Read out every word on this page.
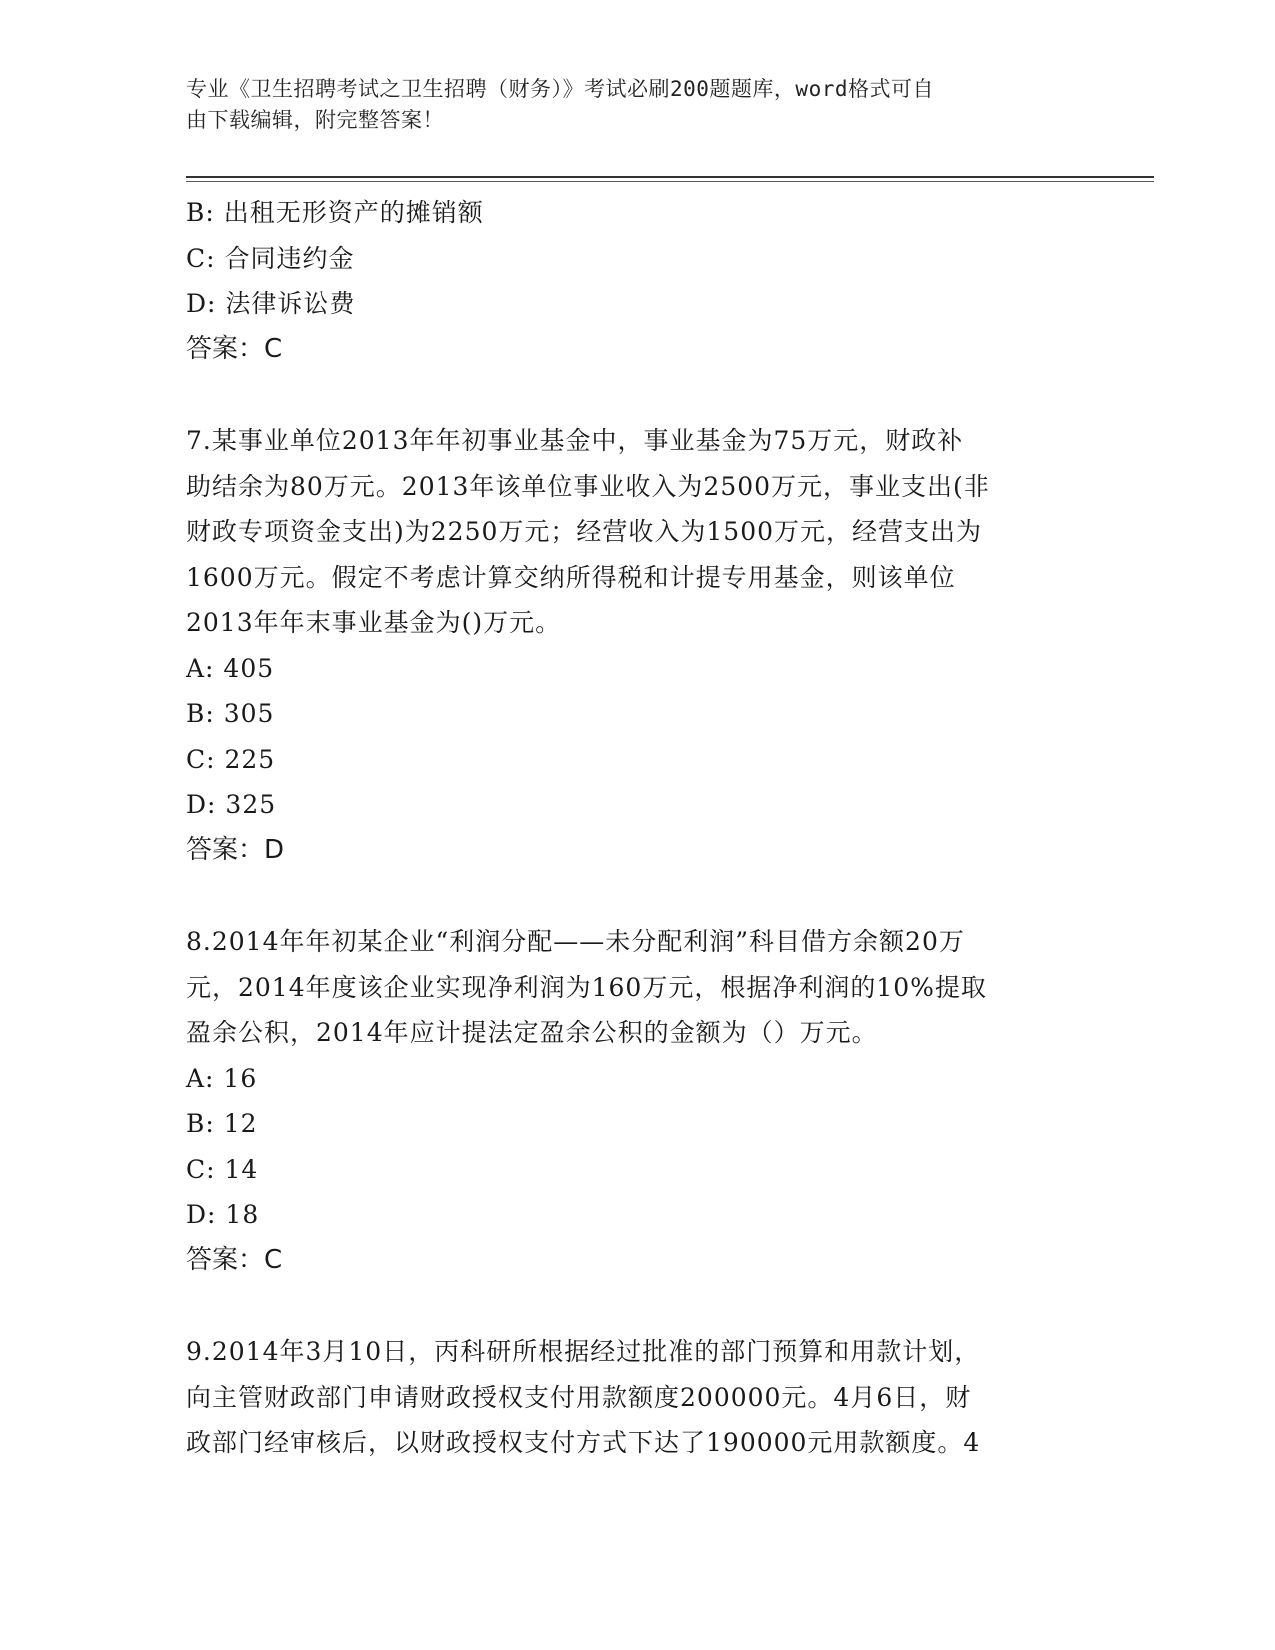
专业《卫生招聘考试之卫生招聘（财务）》考试必刷200题题库，word格式可自
由下载编辑，附完整答案！
B: 出租无形资产的摊销额
C: 合同违约金
D: 法律诉讼费
答案：C
7.某事业单位2013年年初事业基金中，事业基金为75万元，财政补
助结余为80万元。2013年该单位事业收入为2500万元，事业支出(非
财政专项资金支出)为2250万元；经营收入为1500万元，经营支出为
1600万元。假定不考虑计算交纳所得税和计提专用基金，则该单位
2013年年末事业基金为()万元。
A: 405
B: 305
C: 225
D: 325
答案：D
8.2014年年初某企业“利润分配——未分配利润”科目借方余额20万
元，2014年度该企业实现净利润为160万元，根据净利润的10%提取
盈余公积，2014年应计提法定盈余公积的金额为（）万元。
A: 16
B: 12
C: 14
D: 18
答案：C
9.2014年3月10日，丙科研所根据经过批准的部门预算和用款计划，
向主管财政部门申请财政授权支付用款额度200000元。4月6日，财
政部门经审核后，以财政授权支付方式下达了190000元用款额度。4
